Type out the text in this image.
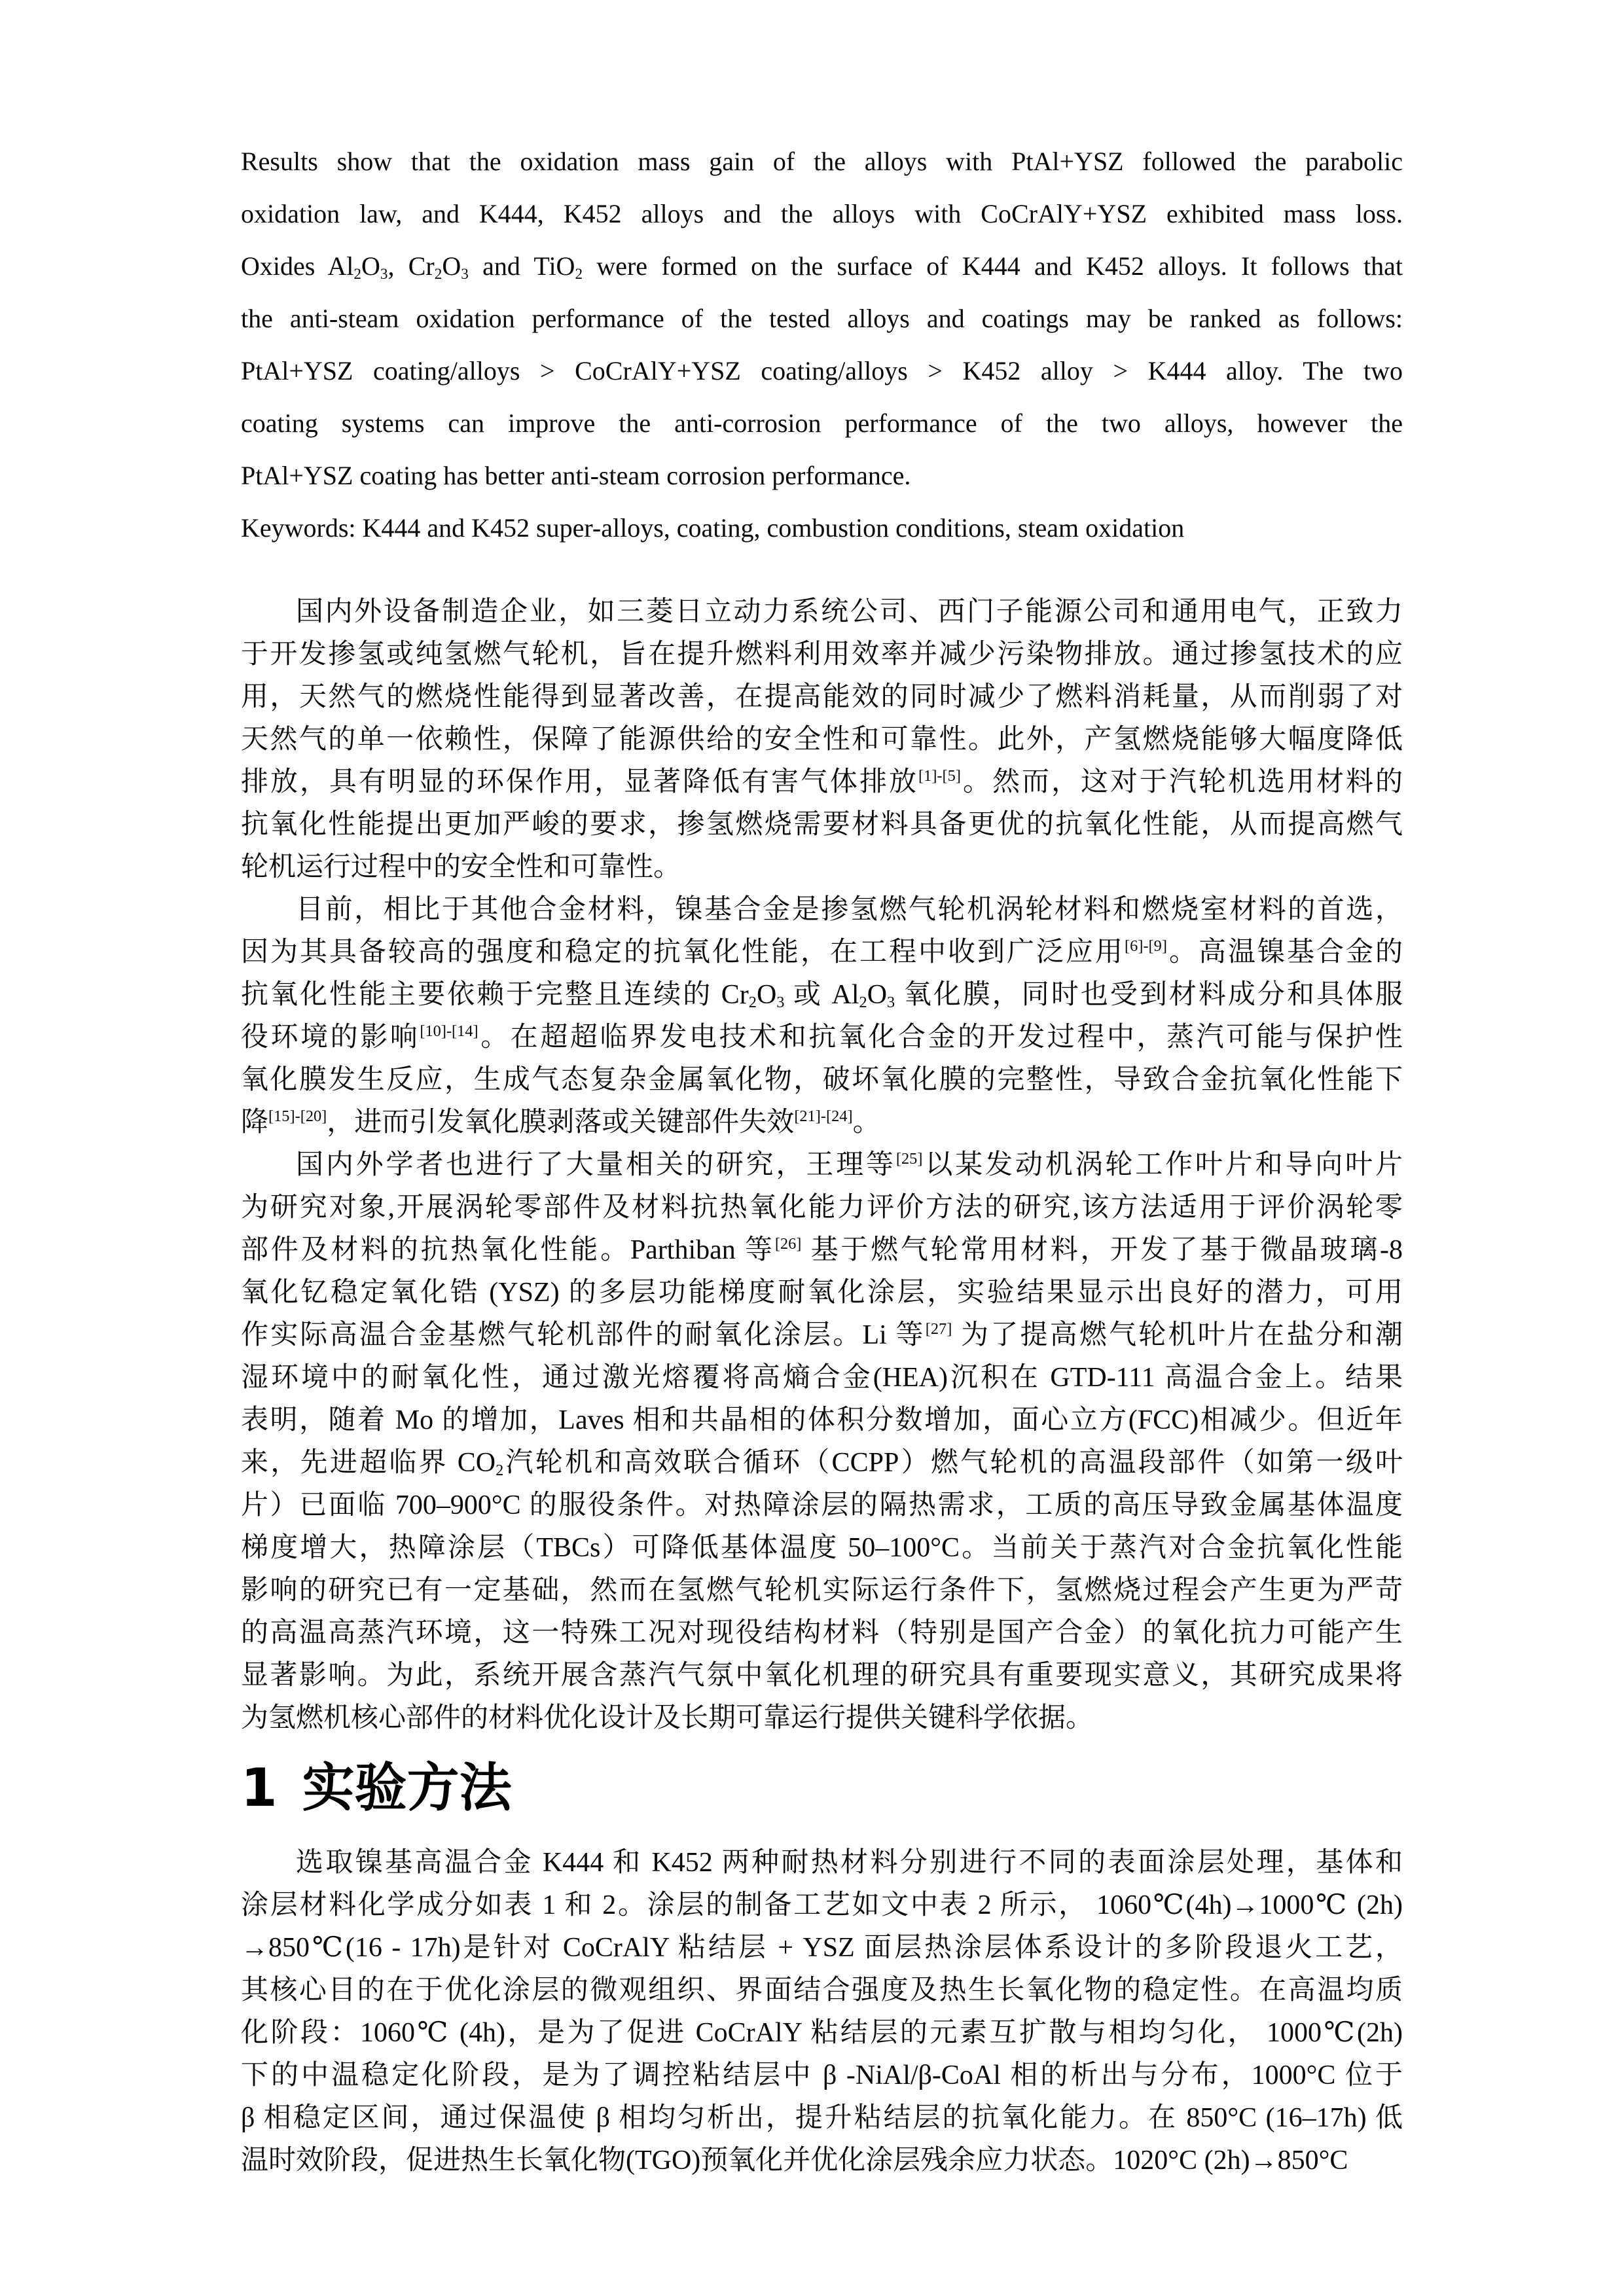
Results show that the oxidation mass gain of the alloys with PtAl+YSZ followed the parabolic
oxidation law, and K444, K452 alloys and the alloys with CoCrAlY+YSZ exhibited mass loss.
Oxides $Al_2O_3$, $Cr_2O_3$ and TiO$_2$ were formed on the surface of K444 and K452 alloys. It follows that
the anti-steam oxidation performance of the tested alloys and coatings may be ranked as follows:
PtAl+YSZ coating/alloys > CoCrAlY+YSZ coating/alloys > K452 alloy > K444 alloy. The two
coating systems can improve the anti-corrosion performance of the two alloys, however the
PtAl+YSZ coating has better anti-steam corrosion performance.
Keywords: K444 and K452 super-alloys, coating, combustion conditions, steam oxidation
国内外设备制造企业，如三菱日立动力系统公司、西门子能源公司和通用电气，正致力
于开发掺氢或纯氢燃气轮机，旨在提升燃料利用效率并减少污染物排放。通过掺氢技术的应
用，天然气的燃烧性能得到显著改善，在提高能效的同时减少了燃料消耗量，从而削弱了对
天然气的单一依赖性，保障了能源供给的安全性和可靠性。此外，产氢燃烧能够大幅度降低
排放，具有明显的环保作用，显著降低有害气体排放[1]-[5]。然而，这对于汽轮机选用材料的
抗氧化性能提出更加严峻的要求，掺氢燃烧需要材料具备更优的抗氧化性能，从而提高燃气
轮机运行过程中的安全性和可靠性。
目前，相比于其他合金材料，镍基合金是掺氢燃气轮机涡轮材料和燃烧室材料的首选，
因为其具备较高的强度和稳定的抗氧化性能，在工程中收到广泛应用[6]-[9]。高温镍基合金的
抗氧化性能主要依赖于完整且连续的 $Cr_2O_3$ 或 $Al_2O_3$ 氧化膜，同时也受到材料成分和具体服
役环境的影响[10]-[14]。在超超临界发电技术和抗氧化合金的开发过程中，蒸汽可能与保护性
氧化膜发生反应，生成气态复杂金属氧化物，破坏氧化膜的完整性，导致合金抗氧化性能下
降[15]-[20]，进而引发氧化膜剥落或关键部件失效[21]-[24]。
国内外学者也进行了大量相关的研究，王理等[25]以某发动机涡轮工作叶片和导向叶片
为研究对象,开展涡轮零部件及材料抗热氧化能力评价方法的研究,该方法适用于评价涡轮零
部件及材料的抗热氧化性能。Parthiban 等[26] 基于燃气轮常用材料，开发了基于微晶玻璃-8
氧化钇稳定氧化锆 (YSZ) 的多层功能梯度耐氧化涂层，实验结果显示出良好的潜力，可用
作实际高温合金基燃气轮机部件的耐氧化涂层。Li 等[27] 为了提高燃气轮机叶片在盐分和潮
湿环境中的耐氧化性，通过激光熔覆将高熵合金(HEA)沉积在 GTD-111 高温合金上。结果
表明，随着 Mo 的增加，Laves 相和共晶相的体积分数增加，面心立方(FCC)相减少。但近年
来，先进超临界 $CO_2$汽轮机和高效联合循环（CCPP）燃气轮机的高温段部件（如第一级叶
片）已面临 700–900°C 的服役条件。对热障涂层的隔热需求，工质的高压导致金属基体温度
梯度增大，热障涂层（TBCs）可降低基体温度 50–100°C。当前关于蒸汽对合金抗氧化性能
影响的研究已有一定基础，然而在氢燃气轮机实际运行条件下，氢燃烧过程会产生更为严苛
的高温高蒸汽环境，这一特殊工况对现役结构材料（特别是国产合金）的氧化抗力可能产生
显著影响。为此，系统开展含蒸汽气氛中氧化机理的研究具有重要现实意义，其研究成果将
为氢燃机核心部件的材料优化设计及长期可靠运行提供关键科学依据。
1 实验方法
选取镍基高温合金 K444 和 K452 两种耐热材料分别进行不同的表面涂层处理，基体和
涂层材料化学成分如表 1 和 2。涂层的制备工艺如文中表 2 所示， 1060℃(4h)→1000℃ (2h)
→850℃(16 - 17h)是针对 CoCrAlY 粘结层 + YSZ 面层热涂层体系设计的多阶段退火工艺，
其核心目的在于优化涂层的微观组织、界面结合强度及热生长氧化物的稳定性。在高温均质
化阶段：1060℃ (4h)，是为了促进 CoCrAlY 粘结层的元素互扩散与相均匀化， 1000℃(2h)
下的中温稳定化阶段，是为了调控粘结层中 β -NiAl/β-CoAl 相的析出与分布，1000°C 位于
β 相稳定区间，通过保温使 β 相均匀析出，提升粘结层的抗氧化能力。在 850°C (16–17h) 低
温时效阶段，促进热生长氧化物(TGO)预氧化并优化涂层残余应力状态。1020°C (2h)→850°C
